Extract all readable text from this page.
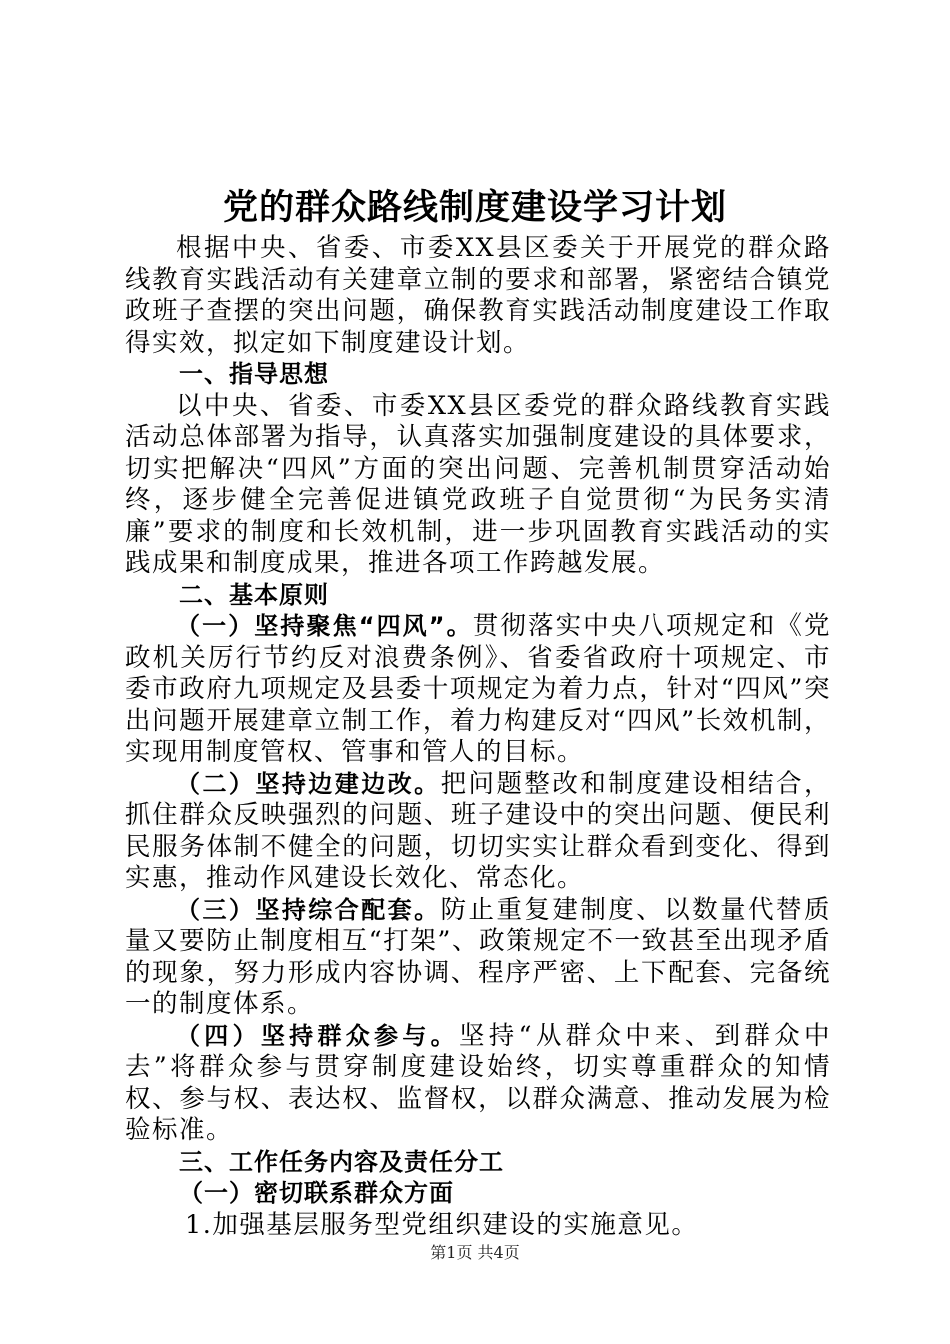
党的群众路线制度建设学习计划

根据中央、省委、市委XX县区委关于开展党的群众路线教育实践活动有关建章立制的要求和部署，紧密结合镇党政班子查摆的突出问题，确保教育实践活动制度建设工作取得实效，拟定如下制度建设计划。

一、指导思想

以中央、省委、市委XX县区委党的群众路线教育实践活动总体部署为指导，认真落实加强制度建设的具体要求，切实把解决“四风”方面的突出问题、完善机制贯穿活动始终，逐步健全完善促进镇党政班子自觉贯彻“为民务实清廉”要求的制度和长效机制，进一步巩固教育实践活动的实践成果和制度成果，推进各项工作跨越发展。

二、基本原则

（一）坚持聚焦“四风”。贯彻落实中央八项规定和《党政机关厉行节约反对浪费条例》、省委省政府十项规定、市委市政府九项规定及县委十项规定为着力点，针对“四风”突出问题开展建章立制工作，着力构建反对“四风”长效机制，实现用制度管权、管事和管人的目标。

（二）坚持边建边改。把问题整改和制度建设相结合，抓住群众反映强烈的问题、班子建设中的突出问题、便民利民服务体制不健全的问题，切切实实让群众看到变化、得到实惠，推动作风建设长效化、常态化。

（三）坚持综合配套。防止重复建制度、以数量代替质量又要防止制度相互“打架”、政策规定不一致甚至出现矛盾的现象，努力形成内容协调、程序严密、上下配套、完备统一的制度体系。

（四）坚持群众参与。坚持“从群众中来、到群众中去”将群众参与贯穿制度建设始终，切实尊重群众的知情权、参与权、表达权、监督权，以群众满意、推动发展为检验标准。

三、工作任务内容及责任分工

（一）密切联系群众方面

1.加强基层服务型党组织建设的实施意见。

第1页 共4页
